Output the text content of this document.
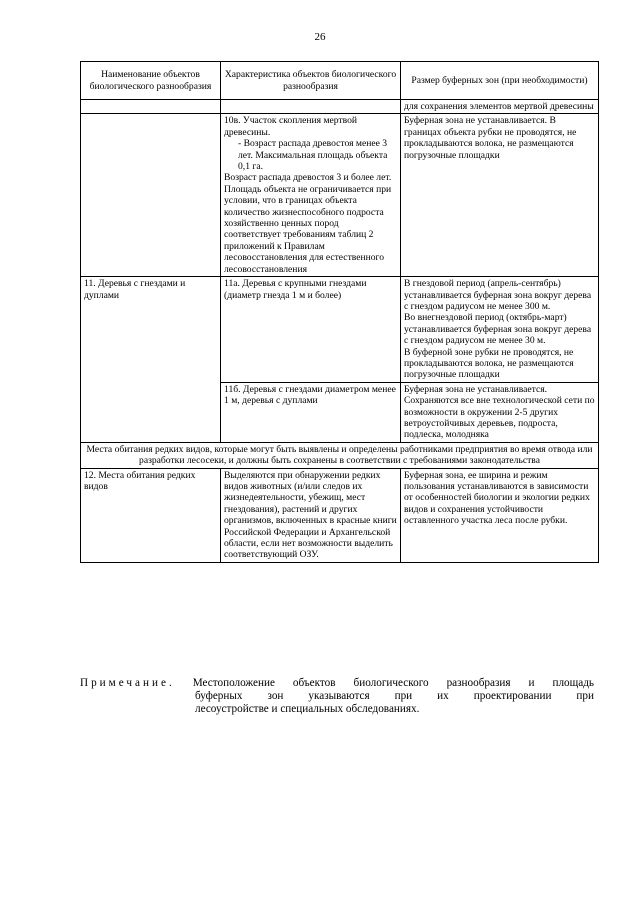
26
Наименование объектов биологического разнообразия	Характеристика объектов биологического разнообразия	Размер буферных зон (при необходимости)
		для сохранения элементов мертвой древесины

	10в. Участок скопления мертвой древесины.
- Возраст распада древостоя менее 3 лет. Максимальная площадь объекта 0,1 га.
Возраст распада древостоя 3 и более лет. Площадь объекта не ограничивается при условии, что в границах объекта количество жизнеспособного подроста хозяйственно ценных пород соответствует требованиям таблиц 2 приложений к Правилам лесовосстановления для естественного лесовосстановления	Буферная зона не устанавливается. В границах объекта рубки не проводятся, не прокладываются волока, не размещаются погрузочные площадки
11. Деревья с гнездами и дуплами	11а. Деревья с крупными гнездами (диаметр гнезда 1 м и более)	В гнездовой период (апрель-сентябрь) устанавливается буферная зона вокруг дерева с гнездом радиусом не менее 300 м.
Во внегнездовой период (октябрь-март) устанавливается буферная зона вокруг дерева с гнездом радиусом не менее 30 м.
В буферной зоне рубки не проводятся, не прокладываются волока, не размещаются погрузочные площадки

	11б. Деревья с гнездами диаметром менее 1 м, деревья с дуплами	Буферная зона не устанавливается.
Сохраняются все вне технологической сети по возможности в окружении 2-5 других ветроустойчивых деревьев, подроста, подлеска, молодняка

Места обитания редких видов, которые могут быть выявлены и определены работниками предприятия во время отвода или разработки лесосеки, и должны быть сохранены в соответствии с требованиями законодательства		
12. Места обитания редких видов	Выделяются при обнаружении редких видов животных (и/или следов их жизнедеятельности, убежищ, мест гнездования), растений и других организмов, включенных в красные книги Российской Федерации и Архангельской области, если нет возможности выделить соответствующий ОЗУ.	Буферная зона, ее ширина и режим пользования устанавливаются в зависимости от особенностей биологии и экологии редких видов и сохранения устойчивости оставленного участка леса после рубки.
Примечание. Местоположение объектов биологического разнообразия и площадь
буферных зон указываются при их проектировании при
лесоустройстве и специальных обследованиях.
